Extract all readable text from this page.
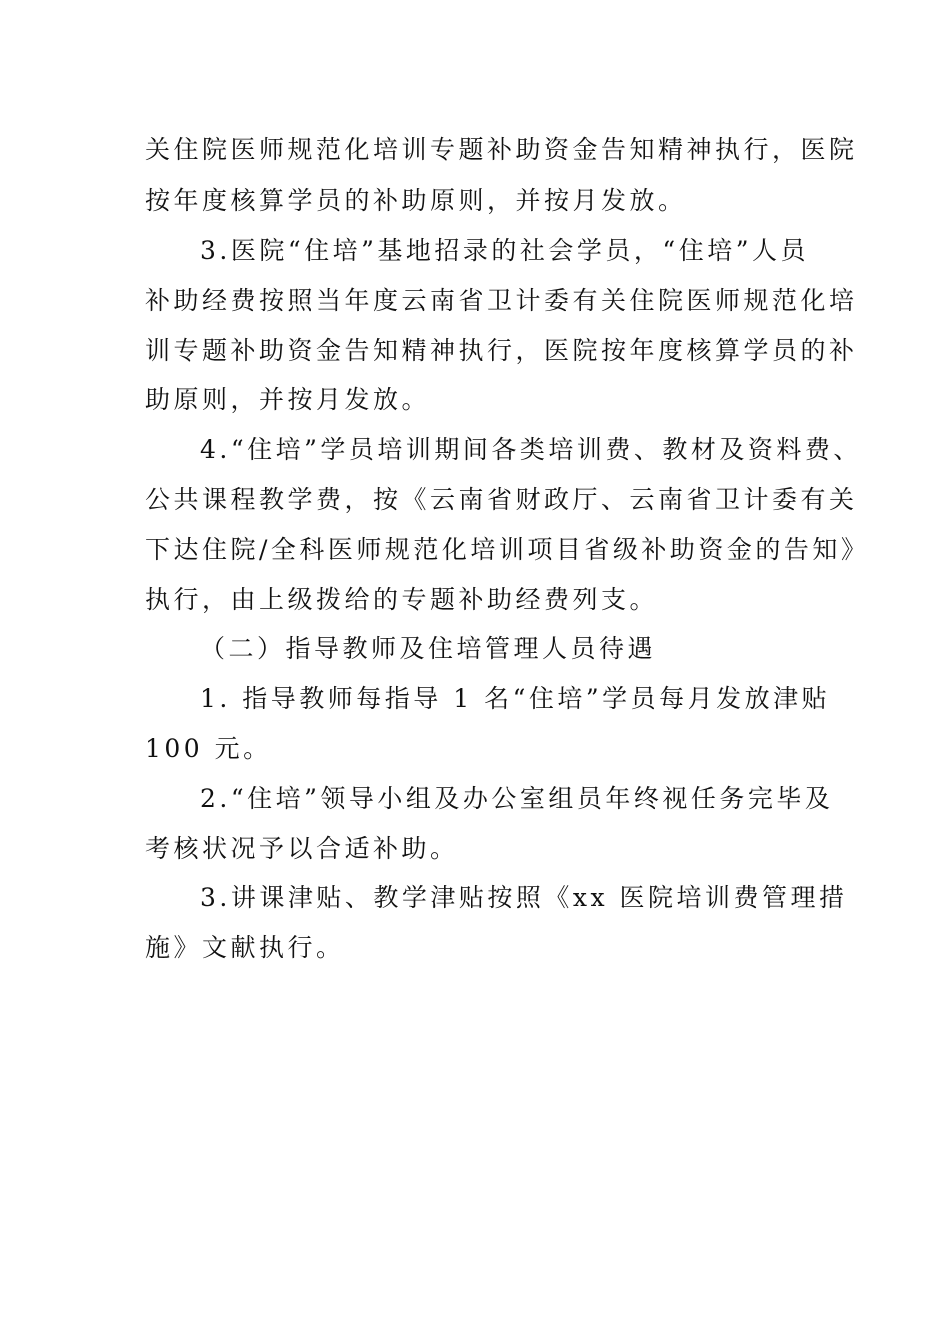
关住院医师规范化培训专题补助资金告知精神执行，医院
按年度核算学员的补助原则，并按月发放。
3.医院“住培”基地招录的社会学员，“住培”人员
补助经费按照当年度云南省卫计委有关住院医师规范化培
训专题补助资金告知精神执行，医院按年度核算学员的补
助原则，并按月发放。
4.“住培”学员培训期间各类培训费、教材及资料费、
公共课程教学费，按《云南省财政厅、云南省卫计委有关
下达住院/全科医师规范化培训项目省级补助资金的告知》
执行，由上级拨给的专题补助经费列支。
（二）指导教师及住培管理人员待遇
1. 指导教师每指导 1 名“住培”学员每月发放津贴
100 元。
2.“住培”领导小组及办公室组员年终视任务完毕及
考核状况予以合适补助。
3.讲课津贴、教学津贴按照《xx 医院培训费管理措
施》文献执行。
